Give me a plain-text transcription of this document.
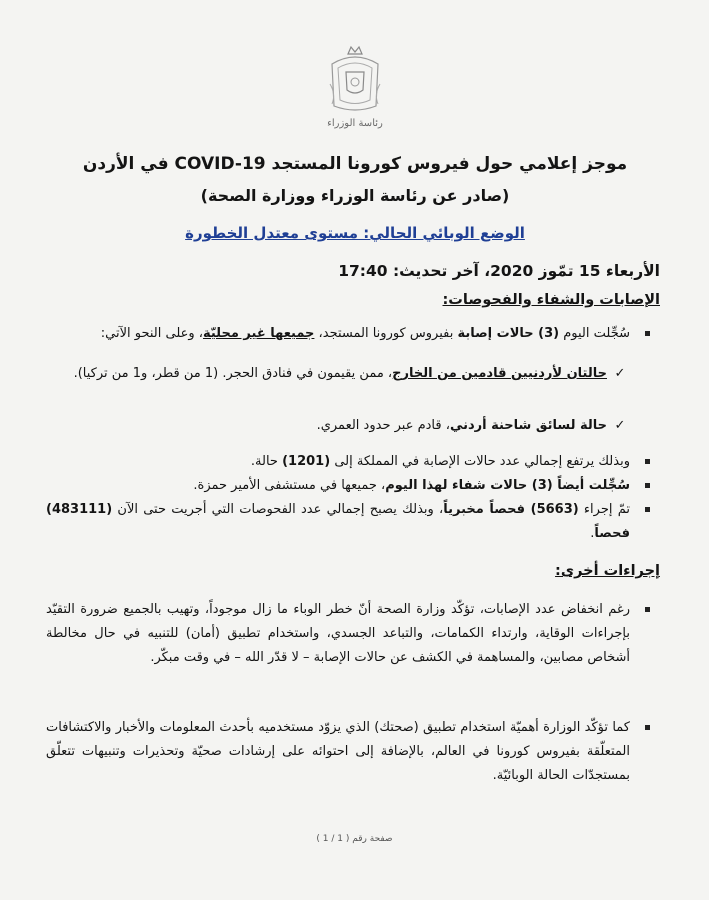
رئاسة الوزراء
موجز إعلامي حول فيروس كورونا المستجد COVID-19 في الأردن
(صادر عن رئاسة الوزراء ووزارة الصحة)
الوضع الوبائي الحالي: مستوى معتدل الخطورة
الأربعاء 15 تمّوز 2020، آخر تحديث: 17:40
الإصابات والشفاء والفحوصات:
سُجِّلت اليوم (3) حالات إصابة بفيروس كورونا المستجد، جميعها غير محليّة، وعلى النحو الآتي:
✓
حالتان لأردنيين قادمين من الخارج، ممن يقيمون في فنادق الحجر. (1 من قطر، و1 من تركيا).
✓
حالة لسائق شاحنة أردني، قادم عبر حدود العمري.
وبذلك يرتفع إجمالي عدد حالات الإصابة في المملكة إلى (1201) حالة.
سُجِّلت أيضاً (3) حالات شفاء لهذا اليوم، جميعها في مستشفى الأمير حمزة.
تمّ إجراء (5663) فحصاً مخبرياً، وبذلك يصبح إجمالي عدد الفحوصات التي أجريت حتى الآن (483111) فحصاً.
إجراءات أخرى:
رغم انخفاض عدد الإصابات، تؤكّد وزارة الصحة أنّ خطر الوباء ما زال موجوداً، وتهيب بالجميع ضرورة التقيّد بإجراءات الوقاية، وارتداء الكمامات، والتباعد الجسدي، واستخدام تطبيق (أمان) للتنبيه في حال مخالطة أشخاص مصابين، والمساهمة في الكشف عن حالات الإصابة – لا قدّر الله – في وقت مبكّر.
كما تؤكّد الوزارة أهميّة استخدام تطبيق (صحتك) الذي يزوّد مستخدميه بأحدث المعلومات والأخبار والاكتشافات المتعلّقة بفيروس كورونا في العالم، بالإضافة إلى احتوائه على إرشادات صحيّة وتحذيرات وتنبيهات تتعلّق بمستجدّات الحالة الوبائيّة.
صفحة رقم ( 1 / 1 )
